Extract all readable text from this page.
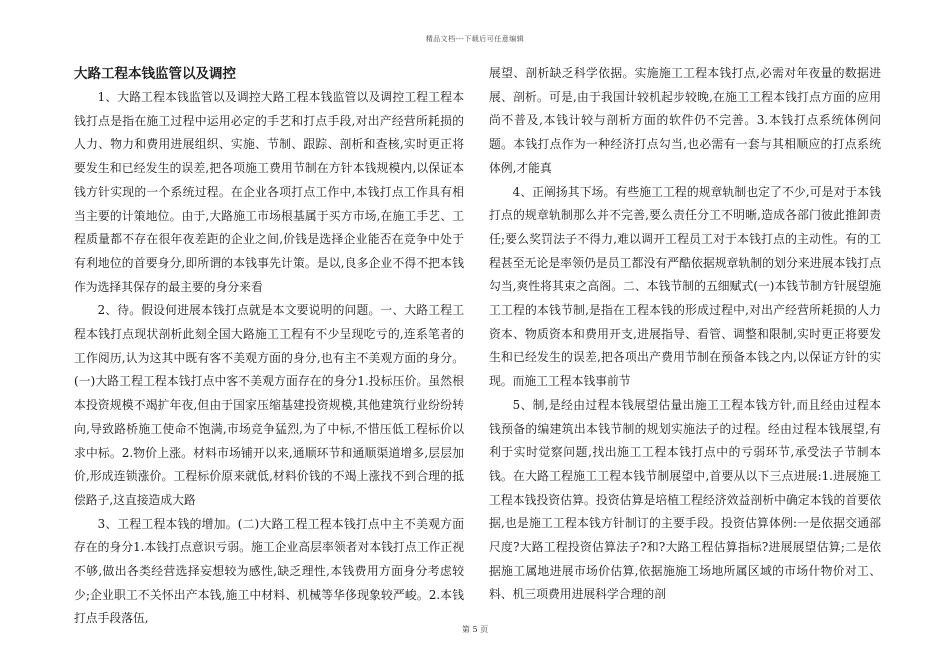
精品文档---下载后可任意编辑
大路工程本钱监管以及调控

1、大路工程本钱监管以及调控大路工程本钱监管以及调控工程工程本钱打点是指在施工过程中运用必定的手艺和打点手段,对出产经营所耗损的人力、物力和费用进展组织、实施、节制、跟踪、剖析和查核,实时更正将要发生和已经发生的误差,把各项施工费用节制在方针本钱规模内,以保证本钱方针实现的一个系统过程。在企业各项打点工作中,本钱打点工作具有相当主要的计策地位。由于,大路施工市场根基属于买方市场,在施工手艺、工程质量都不存在很年夜差距的企业之间,价钱是选择企业能否在竞争中处于有利地位的首要身分,即所谓的本钱事先计策。是以,良多企业不得不把本钱作为选择其保存的最主要的身分来看

2、待。假设何进展本钱打点就是本文要说明的问题。一、大路工程工程本钱打点现状剖析此刻全国大路施工工程有不少呈现吃亏的,连系笔者的工作阅历,认为这其中既有客不美观方面的身分,也有主不美观方面的身分。(一)大路工程工程本钱打点中客不美观方面存在的身分1.投标压价。虽然根本投资规模不竭扩年夜,但由于国家压缩基建投资规模,其他建筑行业纷纷转向,导致路桥施工使命不饱满,市场竞争猛烈,为了中标,不惜压低工程标价以求中标。2.物价上涨。材料市场铺开以来,通顺环节和通顺渠道增多,层层加价,形成连锁涨价。工程标价原来就低,材料价钱的不竭上涨找不到合理的抵偿路子,这直接造成大路

3、工程工程本钱的增加。(二)大路工程工程本钱打点中主不美观方面存在的身分1.本钱打点意识亏弱。施工企业高层率领者对本钱打点工作正视不够,做出各类经营选择妄想较为感性,缺乏理性,本钱费用方面身分考虑较少;企业职工不关怀出产本钱,施工中材料、机械等华侈现象较严峻。2.本钱打点手段落伍,

展望、剖析缺乏科学依据。实施施工工程本钱打点,必需对年夜量的数据进展、剖析。可是,由于我国计较机起步较晚,在施工工程本钱打点方面的应用尚不普及,本钱计较与剖析方面的软件仍不完善。3.本钱打点系统体例问题。本钱打点作为一种经济打点勾当,也必需有一套与其相顺应的打点系统体例,才能真

4、正阐扬其下场。有些施工工程的规章轨制也定了不少,可是对于本钱打点的规章轨制那么并不完善,要么责任分工不明晰,造成各部门彼此推卸责任;要么奖罚法子不得力,难以调开工程员工对于本钱打点的主动性。有的工程甚至无论是率领仍是员工都没有严酷依据规章轨制的划分来进展本钱打点勾当,爽性将其束之高阁。二、本钱节制的五细赋式(一)本钱节制方针展望施工工程的本钱节制,是指在工程本钱的形成过程中,对出产经营所耗损的人力资本、物质资本和费用开支,进展指导、看管、调整和限制,实时更正将要发生和已经发生的误差,把各项出产费用节制在预备本钱之内,以保证方针的实现。而施工工程本钱事前节

5、制,是经由过程本钱展望估量出施工工程本钱方针,而且经由过程本钱预备的编建筑出本钱节制的规划实施法子的过程。经由过程本钱展望,有利于实时觉察问题,找出施工工程本钱打点中的亏弱环节,承受法子节制本钱。在大路工程施工工程本钱节制展望中,首要从以下三点进展:1.进展施工工程本钱投资估算。投资估算是培植工程经济效益剖析中确定本钱的首要依据,也是施工工程本钱方针制订的主要手段。投资估算体例:一是依据交通部尺度?大路工程投资估算法子?和?大路工程估算指标?进展展望估算;二是依据施工属地进展市场价估算,依据施施工场地所属区域的市场什物价对工、料、机三项费用进展科学合理的剖

第 5 页
